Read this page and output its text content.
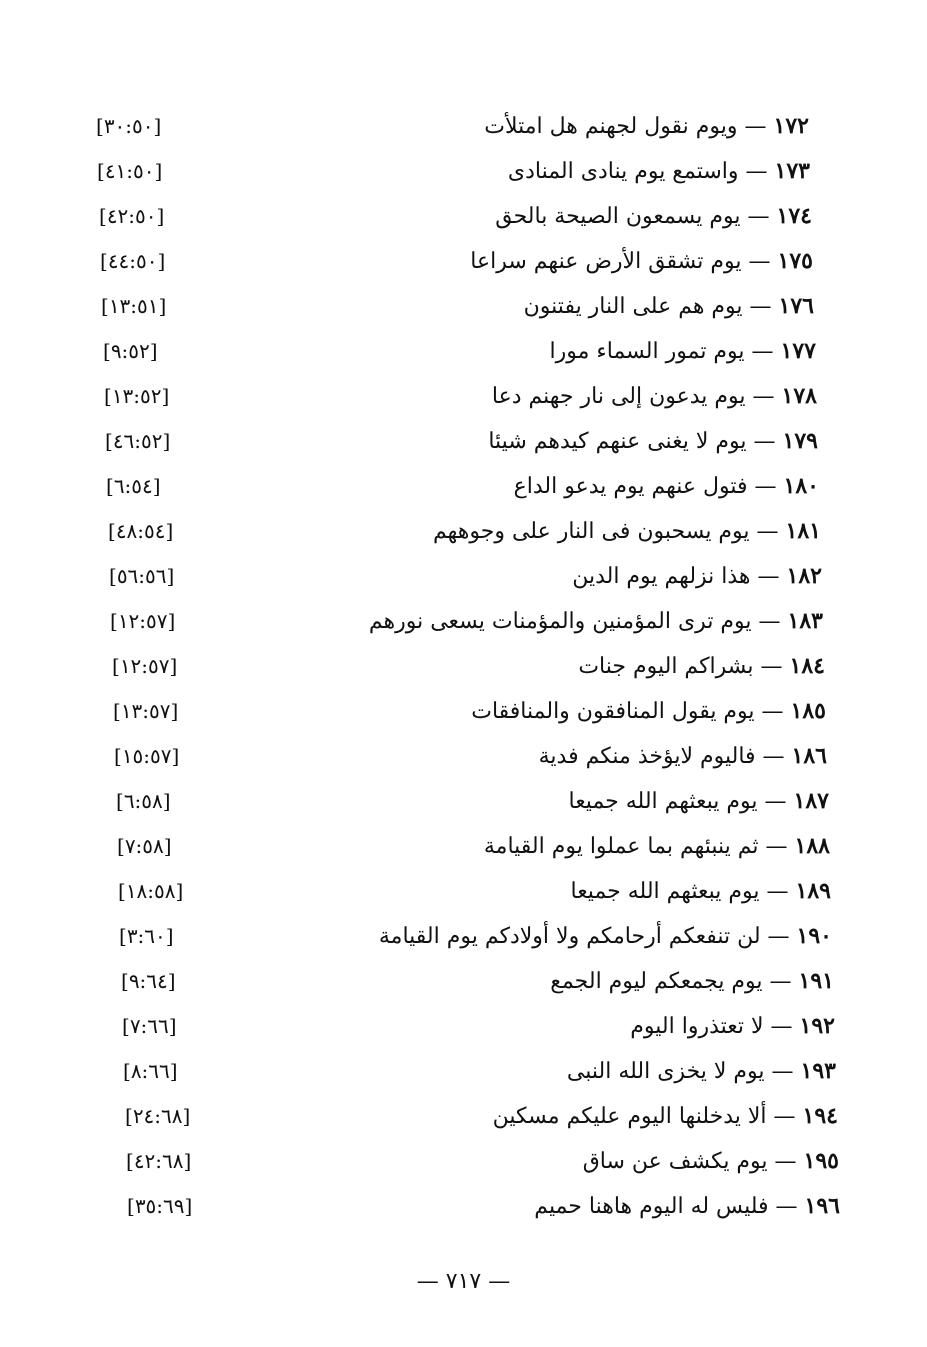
١٧٢ — ويوم نقول لجهنم هل امتلأت
[٣٠:٥٠]
١٧٣ — واستمع يوم ينادى المنادى
[٤١:٥٠]
١٧٤ — يوم يسمعون الصيحة بالحق
[٤٢:٥٠]
١٧٥ — يوم تشقق الأرض عنهم سراعا
[٤٤:٥٠]
١٧٦ — يوم هم على النار يفتنون
[١٣:٥١]
١٧٧ — يوم تمور السماء مورا
[٩:٥٢]
١٧٨ — يوم يدعون إلى نار جهنم دعا
[١٣:٥٢]
١٧٩ — يوم لا يغنى عنهم كيدهم شيئا
[٤٦:٥٢]
١٨٠ — فتول عنهم يوم يدعو الداع
[٦:٥٤]
١٨١ — يوم يسحبون فى النار على وجوههم
[٤٨:٥٤]
١٨٢ — هذا نزلهم يوم الدين
[٥٦:٥٦]
١٨٣ — يوم ترى المؤمنين والمؤمنات يسعى نورهم
[١٢:٥٧]
١٨٤ — بشراكم اليوم جنات
[١٢:٥٧]
١٨٥ — يوم يقول المنافقون والمنافقات
[١٣:٥٧]
١٨٦ — فاليوم لايؤخذ منكم فدية
[١٥:٥٧]
١٨٧ — يوم يبعثهم الله جميعا
[٦:٥٨]
١٨٨ — ثم ينبئهم بما عملوا يوم القيامة
[٧:٥٨]
١٨٩ — يوم يبعثهم الله جميعا
[١٨:٥٨]
١٩٠ — لن تنفعكم أرحامكم ولا أولادكم يوم القيامة
[٣:٦٠]
١٩١ — يوم يجمعكم ليوم الجمع
[٩:٦٤]
١٩٢ — لا تعتذروا اليوم
[٧:٦٦]
١٩٣ — يوم لا يخزى الله النبى
[٨:٦٦]
١٩٤ — ألا يدخلنها اليوم عليكم مسكين
[٢٤:٦٨]
١٩٥ — يوم يكشف عن ساق
[٤٢:٦٨]
١٩٦ — فليس له اليوم هاهنا حميم
[٣٥:٦٩]
— ٧١٧ —
